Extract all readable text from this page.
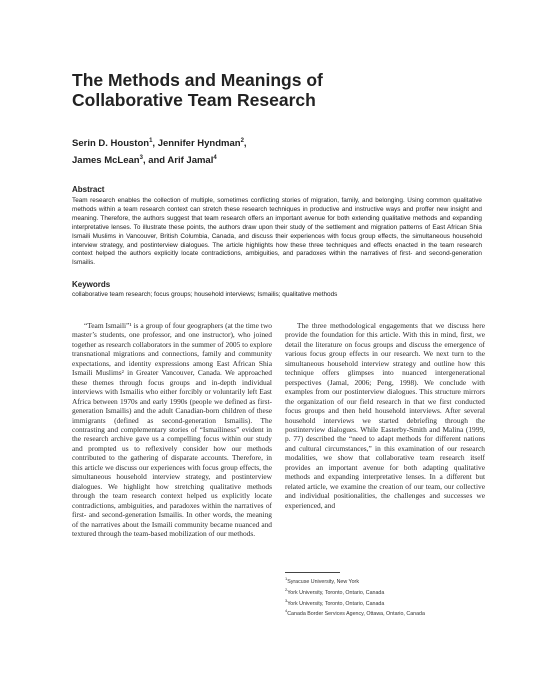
The Methods and Meanings of
Collaborative Team Research
Serin D. Houston$^1$, Jennifer Hyndman$^2$,
James McLean$^3$, and Arif Jamal$^4$
Abstract
Team research enables the collection of multiple, sometimes conflicting stories of migration, family, and belonging. Using common qualitative methods within a team research context can stretch these research techniques in productive and instructive ways and proffer new insight and meaning. Therefore, the authors suggest that team research offers an important avenue for both extending qualitative methods and expanding interpretative lenses. To illustrate these points, the authors draw upon their study of the settlement and migration patterns of East African Shia Ismaili Muslims in Vancouver, British Columbia, Canada, and discuss their experiences with focus group effects, the simultaneous household interview strategy, and postinterview dialogues. The article highlights how these three techniques and effects enacted in the team research context helped the authors explicitly locate contradictions, ambiguities, and paradoxes within the narratives of first- and second-generation Ismailis.
Keywords
collaborative team research; focus groups; household interviews; Ismailis; qualitative methods

“Team Ismaili”¹ is a group of four geographers (at the time two master’s students, one professor, and one instructor), who joined together as research collaborators in the summer of 2005 to explore transnational migrations and connections, family and community expectations, and identity expressions among East African Shia Ismaili Muslims² in Greater Vancouver, Canada. We approached these themes through focus groups and in-depth individual interviews with Ismailis who either forcibly or voluntarily left East Africa between 1970s and early 1990s (people we defined as first-generation Ismailis) and the adult Canadian-born children of these immigrants (defined as second-generation Ismailis). The contrasting and complementary stories of “Ismailiness” evident in the research archive gave us a compelling focus within our study and prompted us to reflexively consider how our methods contributed to the gathering of disparate accounts. Therefore, in this article we discuss our experiences with focus group effects, the simultaneous household interview strategy, and postinterview dialogues. We highlight how stretching qualitative methods through the team research context helped us explicitly locate contradictions, ambiguities, and paradoxes within the narratives of first- and second-generation Ismailis. In other words, the meaning of the narratives about the Ismaili community became nuanced and textured through the team-based mobilization of our methods.

The three methodological engagements that we discuss here provide the foundation for this article. With this in mind, first, we detail the literature on focus groups and discuss the emergence of various focus group effects in our research. We next turn to the simultaneous household interview strategy and outline how this technique offers glimpses into nuanced intergenerational perspectives (Jamal, 2006; Peng, 1998). We conclude with examples from our postinterview dialogues. This structure mirrors the organization of our field research in that we first conducted focus groups and then held household interviews. After several household interviews we started debriefing through the postinterview dialogues. While Easterby-Smith and Malina (1999, p. 77) described the “need to adapt methods for different nations and cultural circumstances,” in this examination of our research modalities, we show that collaborative team research itself provides an important avenue for both adapting qualitative methods and expanding interpretative lenses. In a different but related article, we examine the creation of our team, our collective and individual positionalities, the challenges and successes we experienced, and

$^1$Syracuse University, New York
$^2$York University, Toronto, Ontario, Canada
$^3$York University, Toronto, Ontario, Canada
$^4$Canada Border Services Agency, Ottawa, Ontario, Canada
